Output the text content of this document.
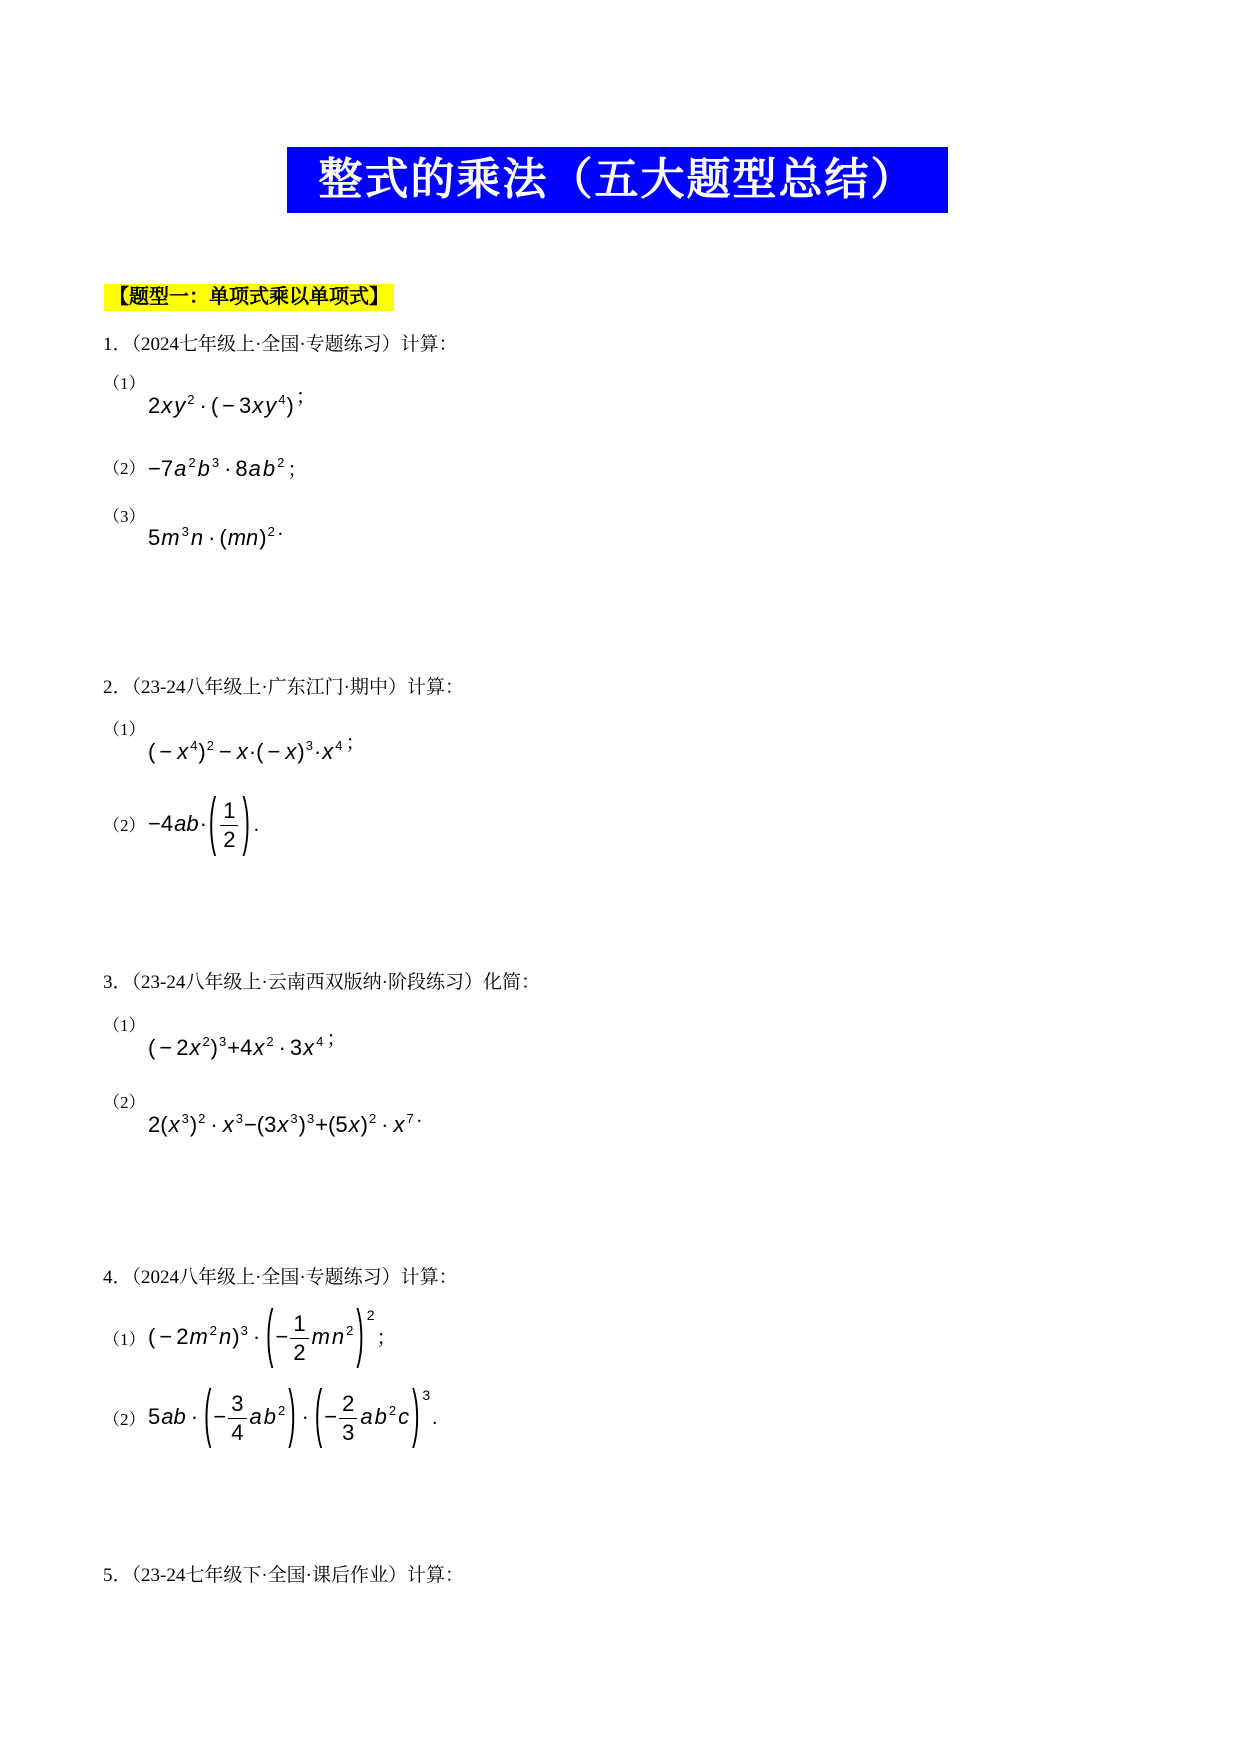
整式的乘法（五大题型总结）
【题型一：单项式乘以单项式】
1．（2024七年级上·全国·专题练习）计算：
（1）
2xy $^2$ · ( − 3xy $^4$) ；
（2） −7a $^2$b $^3$ · 8ab $^2$ ；
（3）
5m $^3$n · (mn)$^2$ .
2．（23-24八年级上·广东江门·期中）计算：
（1）
( − x $^4)^2 - x\cdot( - x)^3\cdot x$ $^4$ ；
$(2) -4ab\cdot( \frac{1}{2}$ ) .
3．（23-24八年级上·云南西双版纳·阶段练习）化简：
（1）
( − 2x $^2$)$^3$+4x $^2$ · 3x $^4$ ；
（2）
2(x $^3$)$^2$ · x $^3$−(3x $^3)^3+(5x)^2 \cdot x$ $^7$ .
4．（2024八年级上·全国·专题练习）计算：
（1） ( − 2m $^2$n)$^3$ · (− $\frac{1}{2}$ mn $^2$ ) $^2$；
（2） 5ab · (− $\frac{3}{4}$ ab $^2$ ) · (− $\frac{2}{3}$ ab $^2$c ) $^3$.
5．（23-24七年级下·全国·课后作业）计算：
